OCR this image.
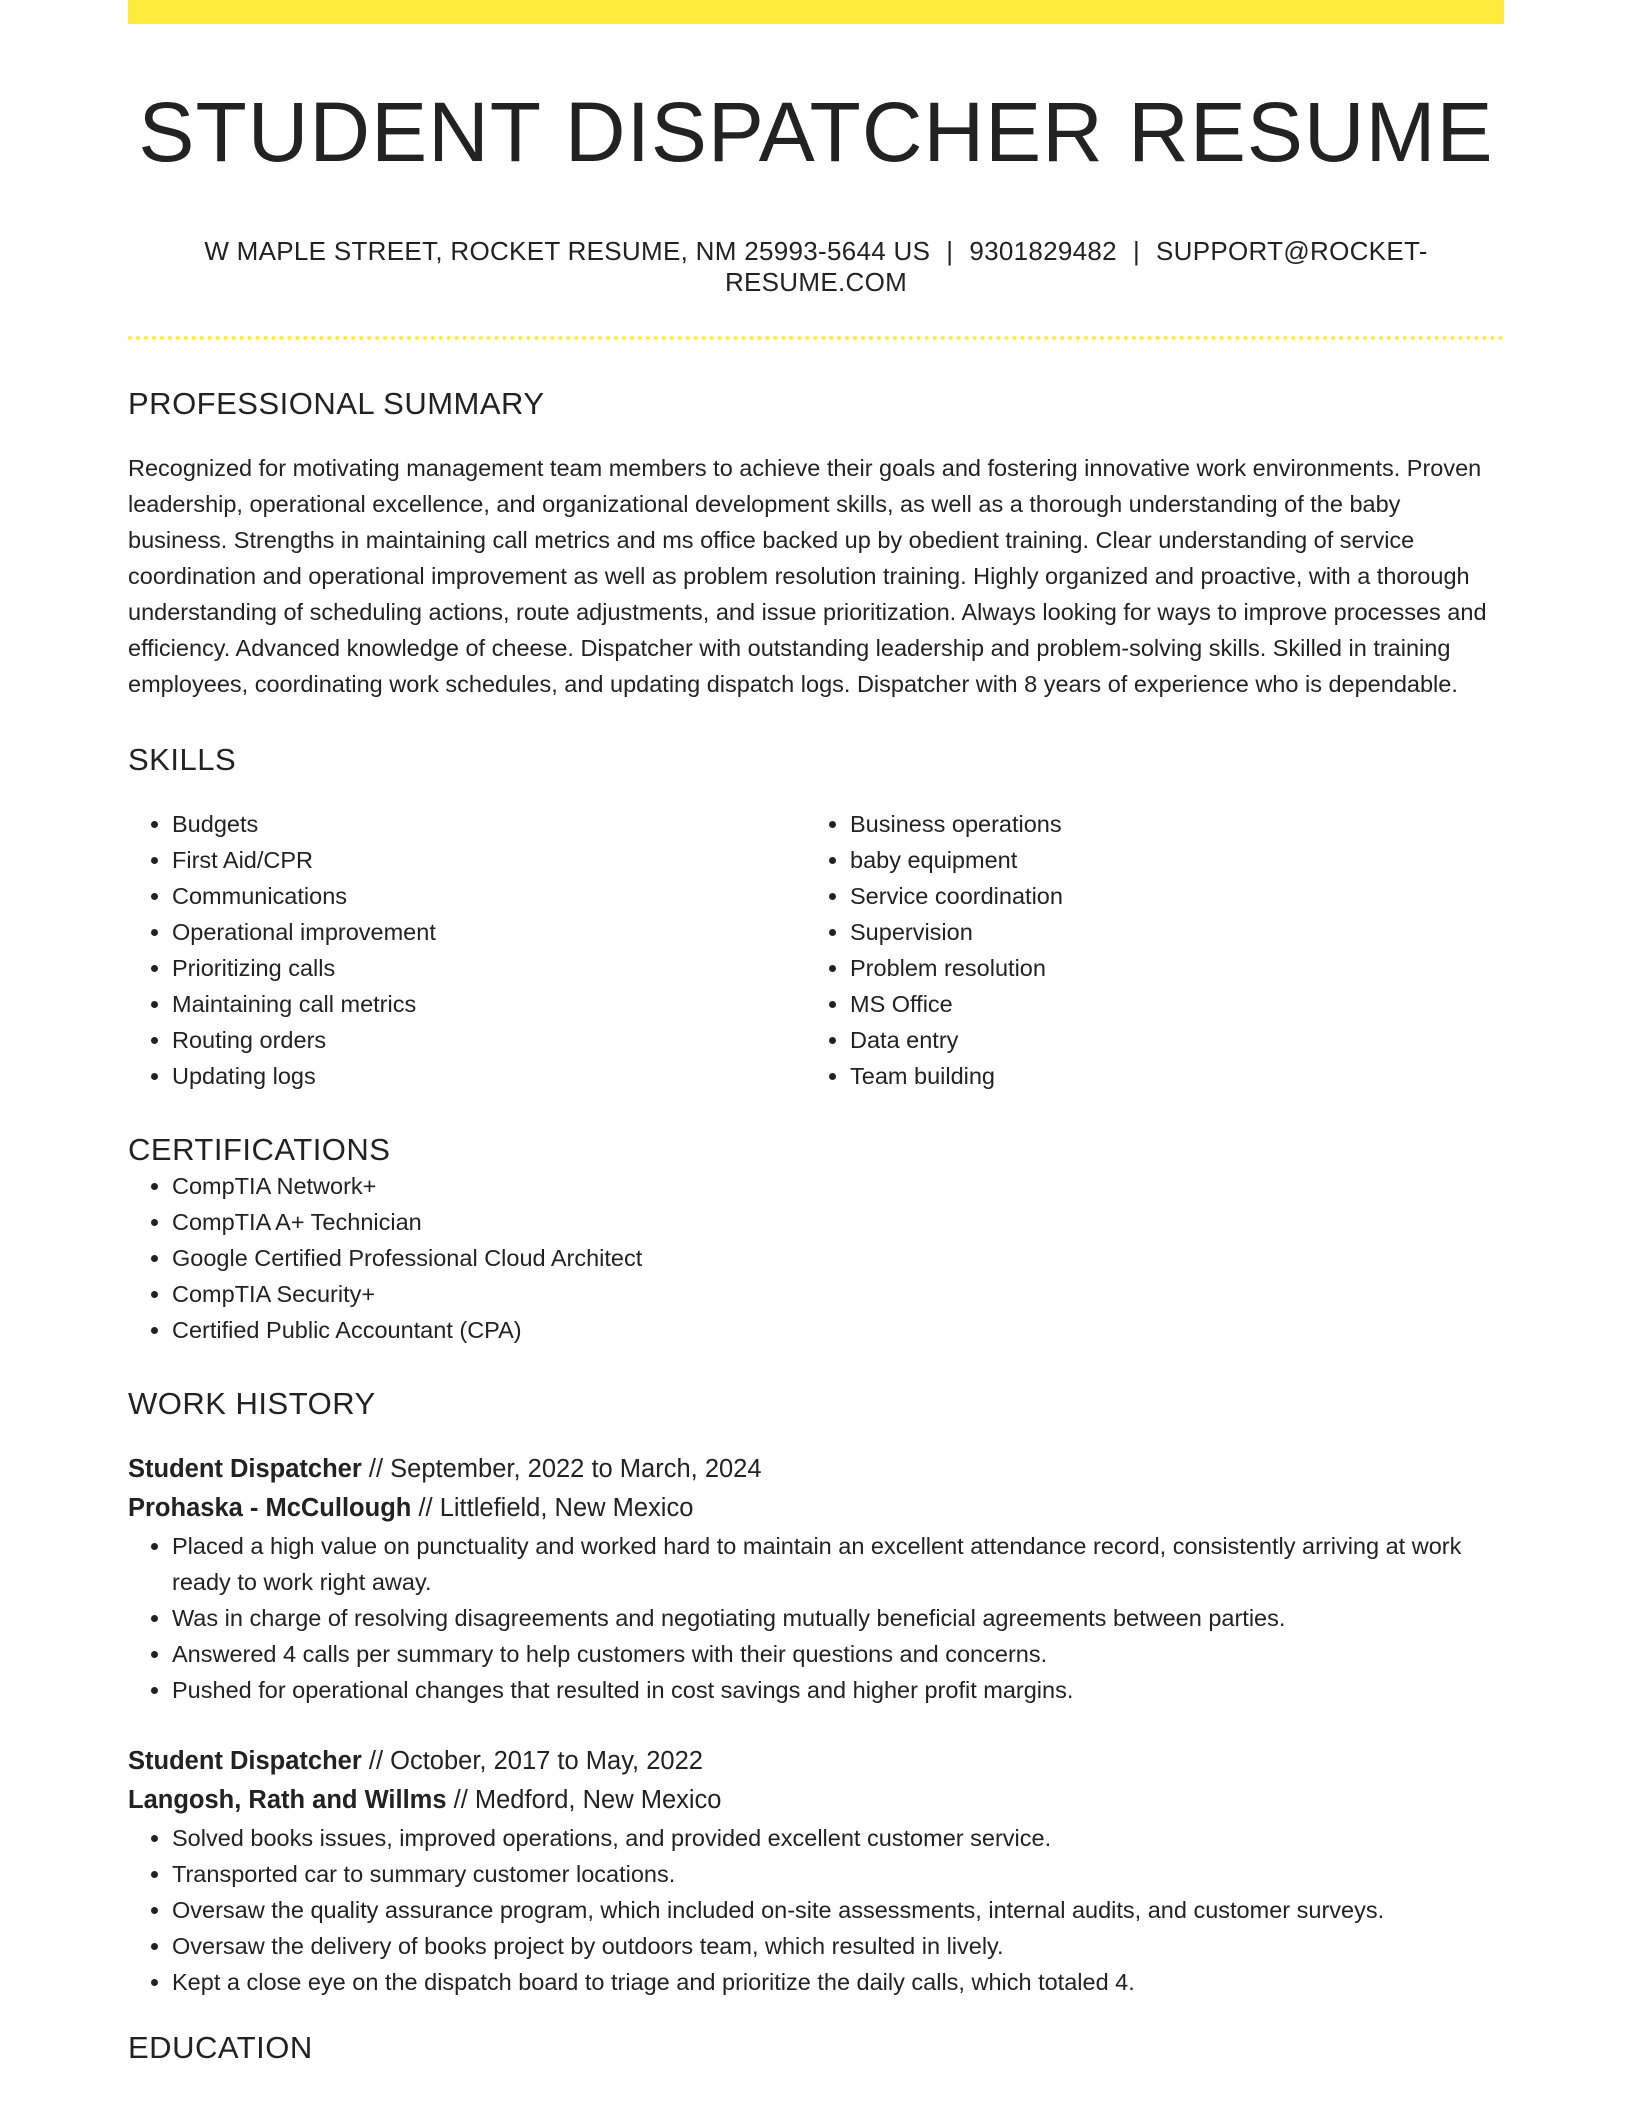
STUDENT DISPATCHER RESUME
W MAPLE STREET, ROCKET RESUME, NM 25993-5644 US | 9301829482 | SUPPORT@ROCKET-RESUME.COM
PROFESSIONAL SUMMARY

Recognized for motivating management team members to achieve their goals and fostering innovative work environments. Proven leadership, operational excellence, and organizational development skills, as well as a thorough understanding of the baby business. Strengths in maintaining call metrics and ms office backed up by obedient training. Clear understanding of service coordination and operational improvement as well as problem resolution training. Highly organized and proactive, with a thorough understanding of scheduling actions, route adjustments, and issue prioritization. Always looking for ways to improve processes and efficiency. Advanced knowledge of cheese. Dispatcher with outstanding leadership and problem-solving skills. Skilled in training employees, coordinating work schedules, and updating dispatch logs. Dispatcher with 8 years of experience who is dependable.

SKILLS
• Budgets
• First Aid/CPR
• Communications
• Operational improvement
• Prioritizing calls
• Maintaining call metrics
• Routing orders
• Updating logs
• Business operations
• baby equipment
• Service coordination
• Supervision
• Problem resolution
• MS Office
• Data entry
• Team building
CERTIFICATIONS
• CompTIA Network+
• CompTIA A+ Technician
• Google Certified Professional Cloud Architect
• CompTIA Security+
• Certified Public Accountant (CPA)
WORK HISTORY
Student Dispatcher // September, 2022 to March, 2024
Prohaska - McCullough // Littlefield, New Mexico
• Placed a high value on punctuality and worked hard to maintain an excellent attendance record, consistently arriving at work ready to work right away.
• Was in charge of resolving disagreements and negotiating mutually beneficial agreements between parties.
• Answered 4 calls per summary to help customers with their questions and concerns.
• Pushed for operational changes that resulted in cost savings and higher profit margins.
Student Dispatcher // October, 2017 to May, 2022
Langosh, Rath and Willms // Medford, New Mexico
• Solved books issues, improved operations, and provided excellent customer service.
• Transported car to summary customer locations.
• Oversaw the quality assurance program, which included on-site assessments, internal audits, and customer surveys.
• Oversaw the delivery of books project by outdoors team, which resulted in lively.
• Kept a close eye on the dispatch board to triage and prioritize the daily calls, which totaled 4.
EDUCATION
